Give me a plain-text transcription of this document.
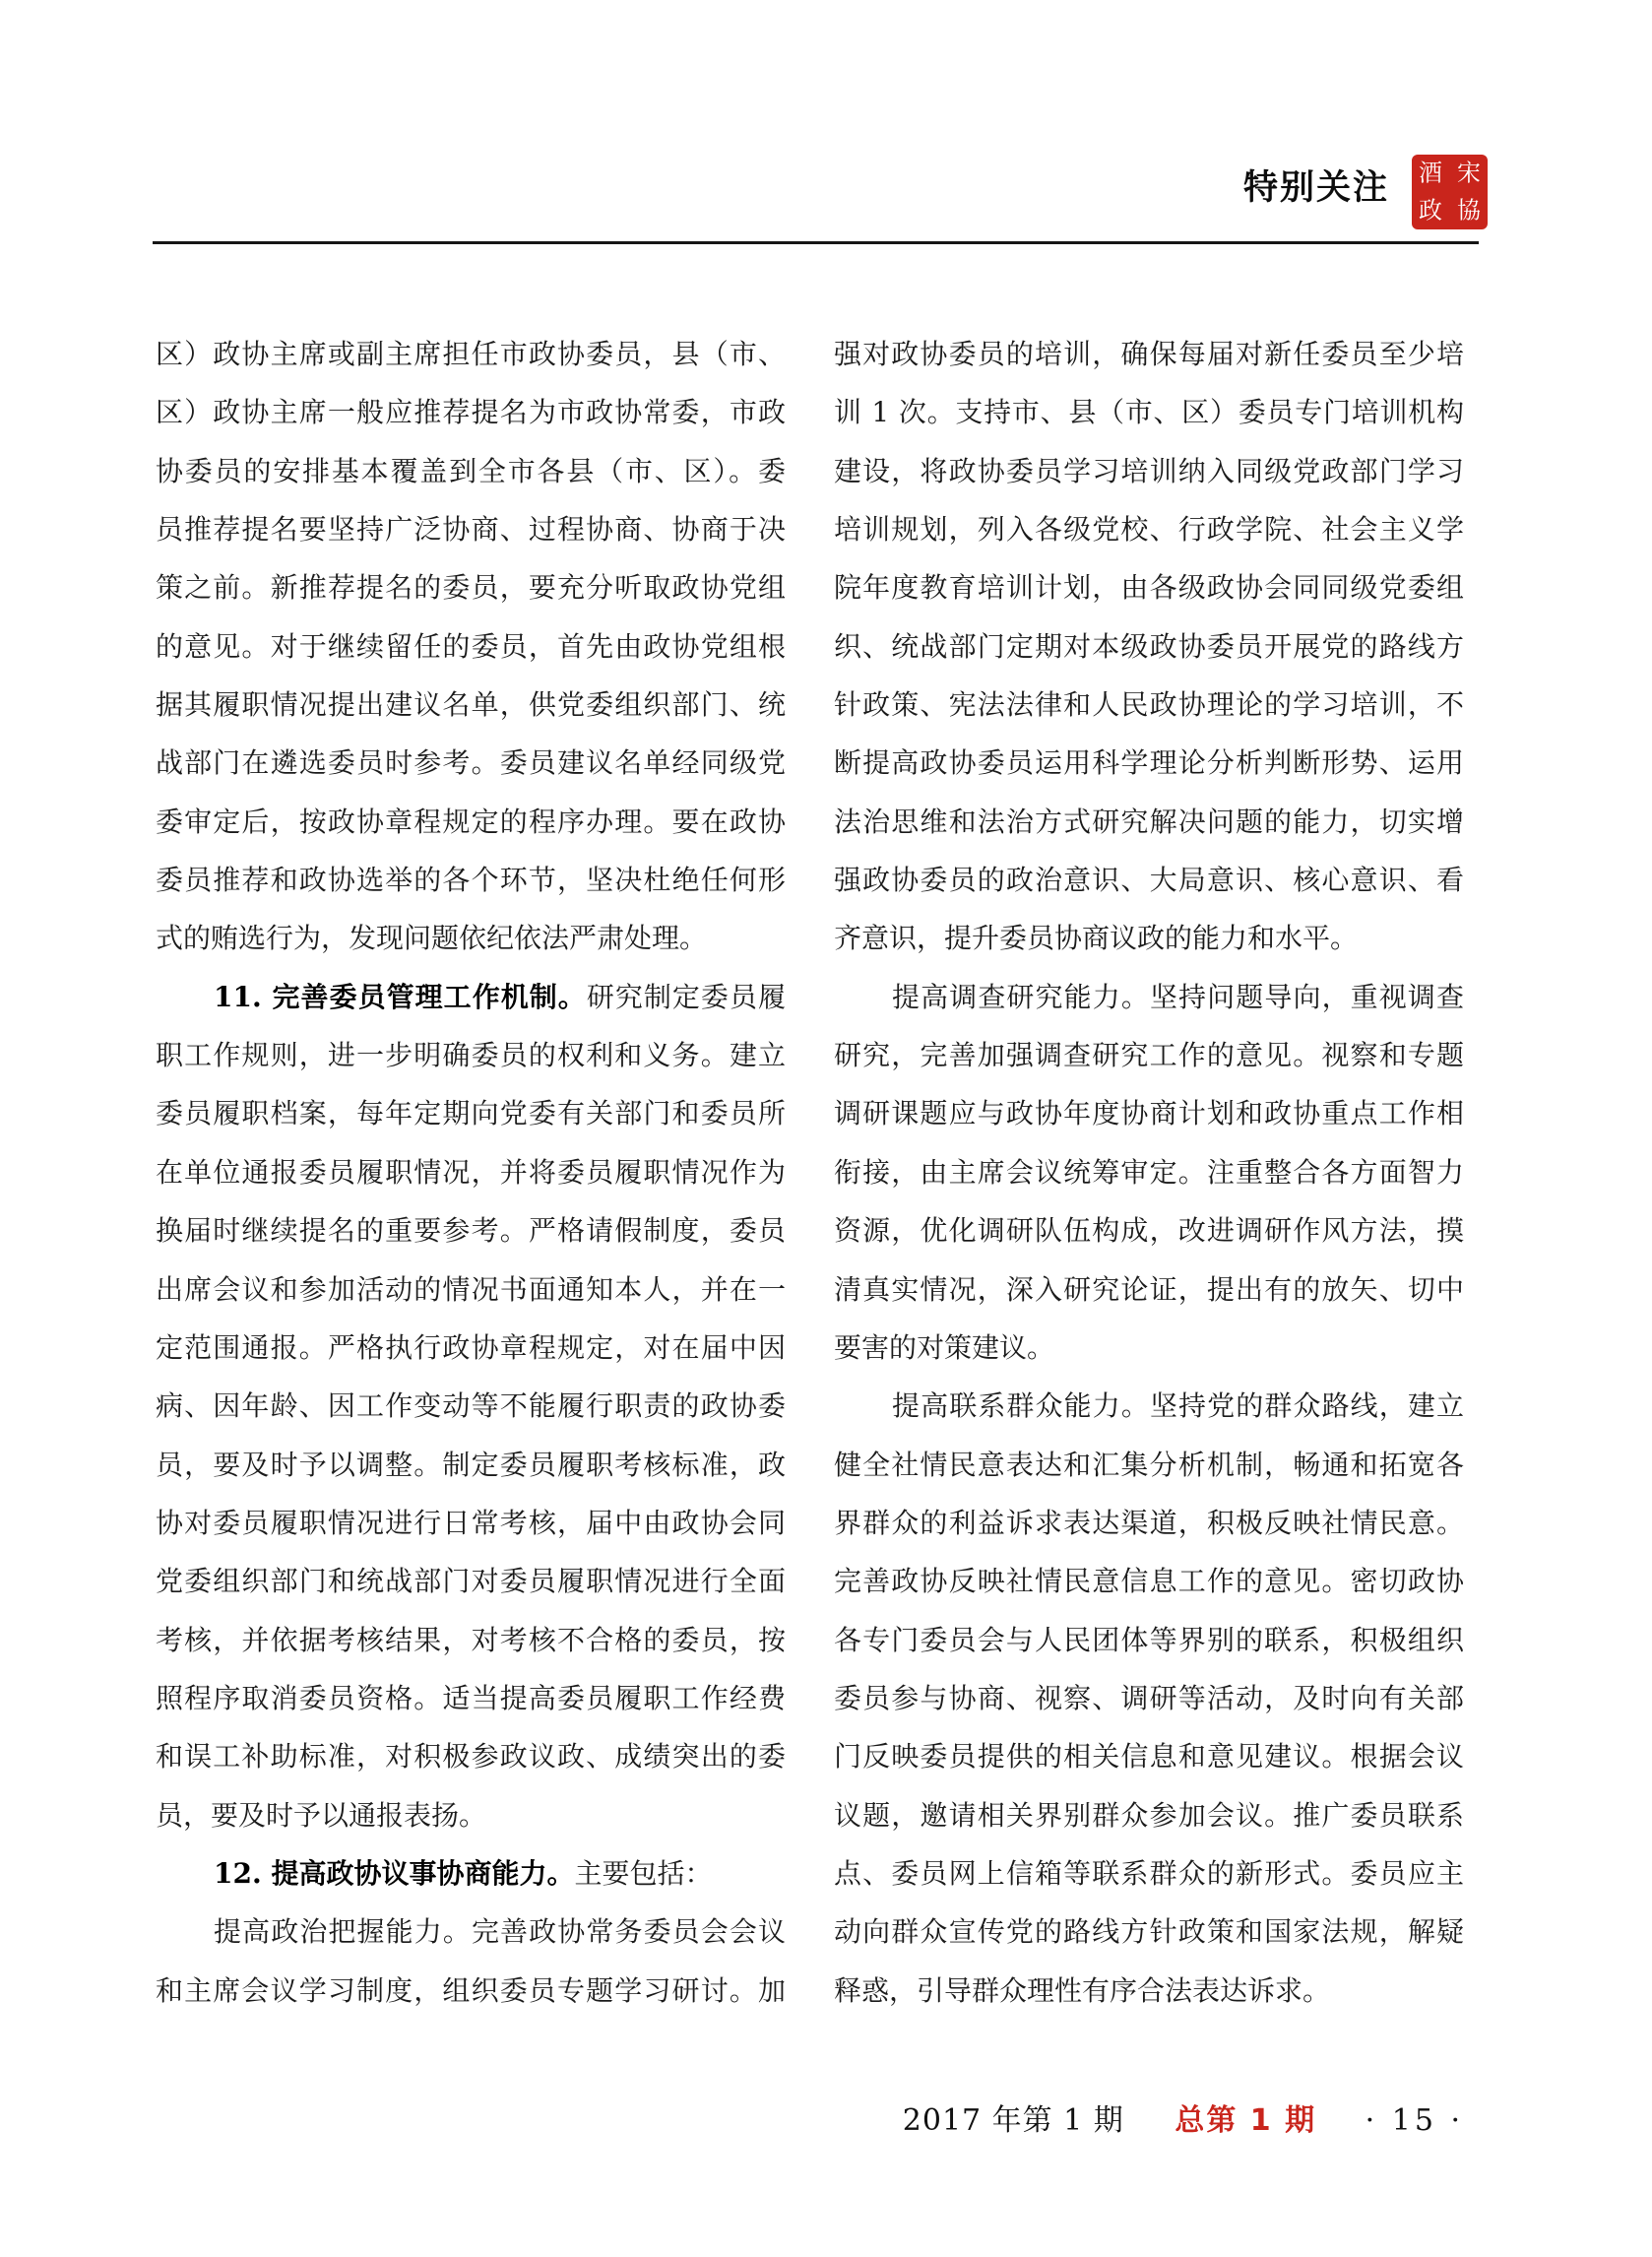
特别关注 酒 宋
政 協
区）政协主席或副主席担任市政协委员，县（市、
区）政协主席一般应推荐提名为市政协常委，市政
协委员的安排基本覆盖到全市各县（市、区）。委
员推荐提名要坚持广泛协商、过程协商、协商于决
策之前。新推荐提名的委员，要充分听取政协党组
的意见。对于继续留任的委员，首先由政协党组根
据其履职情况提出建议名单，供党委组织部门、统
战部门在遴选委员时参考。委员建议名单经同级党
委审定后，按政协章程规定的程序办理。要在政协
委员推荐和政协选举的各个环节，坚决杜绝任何形
式的贿选行为，发现问题依纪依法严肃处理。
11. 完善委员管理工作机制。研究制定委员履
职工作规则，进一步明确委员的权利和义务。建立
委员履职档案，每年定期向党委有关部门和委员所
在单位通报委员履职情况，并将委员履职情况作为
换届时继续提名的重要参考。严格请假制度，委员
出席会议和参加活动的情况书面通知本人，并在一
定范围通报。严格执行政协章程规定，对在届中因
病、因年龄、因工作变动等不能履行职责的政协委
员，要及时予以调整。制定委员履职考核标准，政
协对委员履职情况进行日常考核，届中由政协会同
党委组织部门和统战部门对委员履职情况进行全面
考核，并依据考核结果，对考核不合格的委员，按
照程序取消委员资格。适当提高委员履职工作经费
和误工补助标准，对积极参政议政、成绩突出的委
员，要及时予以通报表扬。
12. 提高政协议事协商能力。主要包括：
提高政治把握能力。完善政协常务委员会会议
和主席会议学习制度，组织委员专题学习研讨。加
强对政协委员的培训，确保每届对新任委员至少培
训 1 次。支持市、县（市、区）委员专门培训机构
建设，将政协委员学习培训纳入同级党政部门学习
培训规划，列入各级党校、行政学院、社会主义学
院年度教育培训计划，由各级政协会同同级党委组
织、统战部门定期对本级政协委员开展党的路线方
针政策、宪法法律和人民政协理论的学习培训，不
断提高政协委员运用科学理论分析判断形势、运用
法治思维和法治方式研究解决问题的能力，切实增
强政协委员的政治意识、大局意识、核心意识、看
齐意识，提升委员协商议政的能力和水平。
提高调查研究能力。坚持问题导向，重视调查
研究，完善加强调查研究工作的意见。视察和专题
调研课题应与政协年度协商计划和政协重点工作相
衔接，由主席会议统筹审定。注重整合各方面智力
资源，优化调研队伍构成，改进调研作风方法，摸
清真实情况，深入研究论证，提出有的放矢、切中
要害的对策建议。
提高联系群众能力。坚持党的群众路线，建立
健全社情民意表达和汇集分析机制，畅通和拓宽各
界群众的利益诉求表达渠道，积极反映社情民意。
完善政协反映社情民意信息工作的意见。密切政协
各专门委员会与人民团体等界别的联系，积极组织
委员参与协商、视察、调研等活动，及时向有关部
门反映委员提供的相关信息和意见建议。根据会议
议题，邀请相关界别群众参加会议。推广委员联系
点、委员网上信箱等联系群众的新形式。委员应主
动向群众宣传党的路线方针政策和国家法规，解疑
释惑，引导群众理性有序合法表达诉求。
2017 年第 1 期 总第 1 期 · 15 ·
